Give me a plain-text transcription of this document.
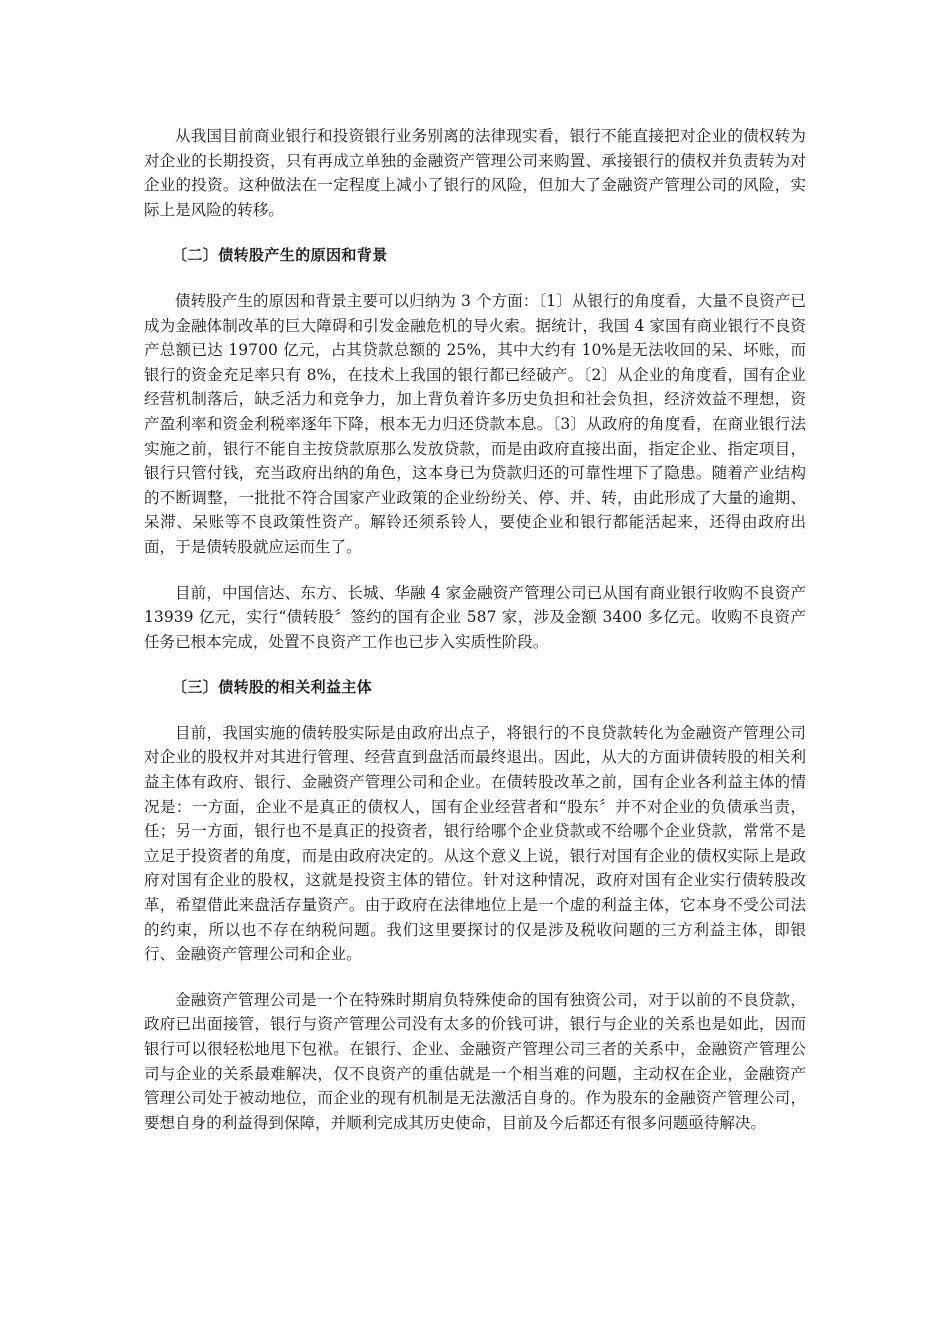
从我国目前商业银行和投资银行业务别离的法律现实看，银行不能直接把对企业的债权转为对企业的长期投资，只有再成立单独的金融资产管理公司来购置、承接银行的债权并负责转为对企业的投资。这种做法在一定程度上减小了银行的风险，但加大了金融资产管理公司的风险，实际上是风险的转移。

〔二〕债转股产生的原因和背景

债转股产生的原因和背景主要可以归纳为 3 个方面：〔1〕从银行的角度看，大量不良资产已成为金融体制改革的巨大障碍和引发金融危机的导火索。据统计，我国 4 家国有商业银行不良资产总额已达 19700 亿元，占其贷款总额的 25%，其中大约有 10%是无法收回的呆、坏账，而银行的资金充足率只有 8%，在技术上我国的银行都已经破产。〔2〕从企业的角度看，国有企业经营机制落后，缺乏活力和竞争力，加上背负着许多历史负担和社会负担，经济效益不理想，资产盈利率和资金利税率逐年下降，根本无力归还贷款本息。〔3〕从政府的角度看，在商业银行法实施之前，银行不能自主按贷款原那么发放贷款，而是由政府直接出面，指定企业、指定项目，银行只管付钱，充当政府出纳的角色，这本身已为贷款归还的可靠性埋下了隐患。随着产业结构的不断调整，一批批不符合国家产业政策的企业纷纷关、停、并、转，由此形成了大量的逾期、呆滞、呆账等不良政策性资产。解铃还须系铃人，要使企业和银行都能活起来，还得由政府出面，于是债转股就应运而生了。

目前，中国信达、东方、长城、华融 4 家金融资产管理公司已从国有商业银行收购不良资产 13939 亿元，实行“债转股〞签约的国有企业 587 家，涉及金额 3400 多亿元。收购不良资产任务已根本完成，处置不良资产工作也已步入实质性阶段。

〔三〕债转股的相关利益主体

目前，我国实施的债转股实际是由政府出点子，将银行的不良贷款转化为金融资产管理公司对企业的股权并对其进行管理、经营直到盘活而最终退出。因此，从大的方面讲债转股的相关利益主体有政府、银行、金融资产管理公司和企业。在债转股改革之前，国有企业各利益主体的情况是：一方面，企业不是真正的债权人，国有企业经营者和“股东〞并不对企业的负债承当责，任；另一方面，银行也不是真正的投资者，银行给哪个企业贷款或不给哪个企业贷款，常常不是立足于投资者的角度，而是由政府决定的。从这个意义上说，银行对国有企业的债权实际上是政府对国有企业的股权，这就是投资主体的错位。针对这种情况，政府对国有企业实行债转股改革，希望借此来盘活存量资产。由于政府在法律地位上是一个虚的利益主体，它本身不受公司法的约束，所以也不存在纳税问题。我们这里要探讨的仅是涉及税收问题的三方利益主体，即银行、金融资产管理公司和企业。

金融资产管理公司是一个在特殊时期肩负特殊使命的国有独资公司，对于以前的不良贷款，政府已出面接管，银行与资产管理公司没有太多的价钱可讲，银行与企业的关系也是如此，因而银行可以很轻松地甩下包袱。在银行、企业、金融资产管理公司三者的关系中，金融资产管理公司与企业的关系最难解决，仅不良资产的重估就是一个相当难的问题，主动权在企业，金融资产管理公司处于被动地位，而企业的现有机制是无法激活自身的。作为股东的金融资产管理公司，要想自身的利益得到保障，并顺利完成其历史使命，目前及今后都还有很多问题亟待解决。
